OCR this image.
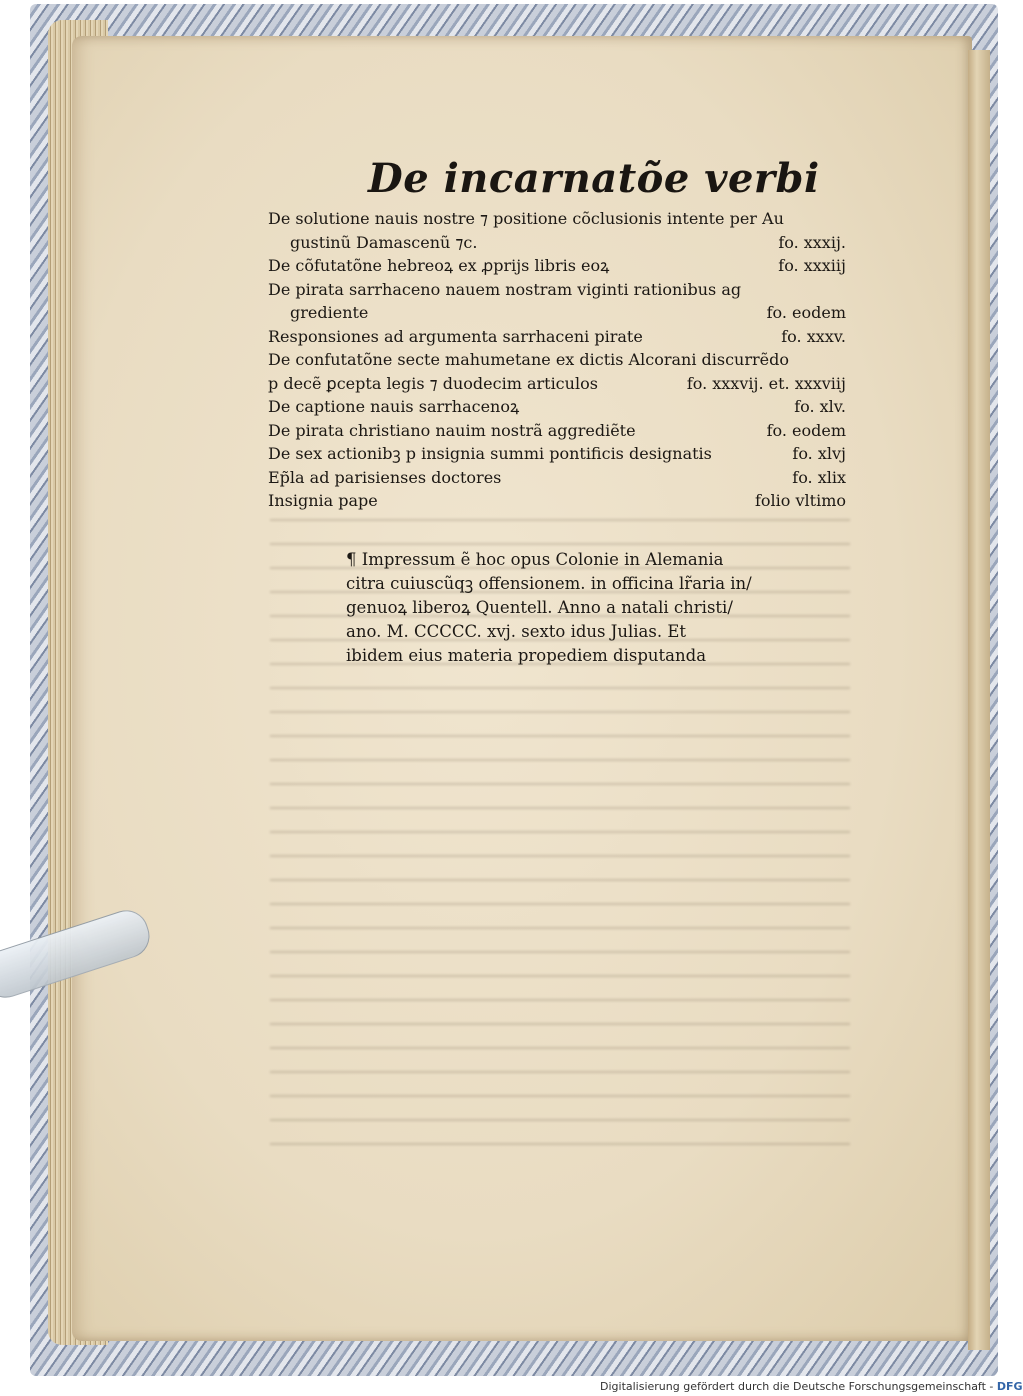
De incarnatõe verbi
De solutione nauis nostre ⁊ positione cõclusionis intente per Au
gustinũ Damascenũ ⁊c.	fo. xxxij.
De cõfutatõne hebreoꝝ ex ꝓprijs libris eoꝝ	fo. xxxiij
De pirata sarrhaceno nauem nostram viginti rationibus ag
grediente	fo. eodem
Responsiones ad argumenta sarrhaceni pirate	fo. xxxv.
De confutatõne secte mahumetane ex dictis Alcorani discurrẽdo
p decẽ ꝑcepta legis ⁊ duodecim articulos	fo. xxxvij. et. xxxviij
De captione nauis sarrhacenoꝝ	fo. xlv.
De pirata christiano nauim nostrã aggrediẽte	fo. eodem
De sex actionibꝫ p insignia summi pontificis designatis	fo. xlvj
Ep̃la ad parisienses doctores	fo. xlix
Insignia pape	folio vltimo
¶ Impressum ẽ hoc opus Colonie in Alemania
citra cuiuscũqꝫ offensionem. in officina lr̃aria in/
genuoꝝ liberoꝝ Quentell. Anno a natali christi/
ano. M. CCCCC. xvj. sexto idus Julias. Et
ibidem eius materia propediem disputanda
Digitalisierung gefördert durch die Deutsche Forschungsgemeinschaft - DFG
